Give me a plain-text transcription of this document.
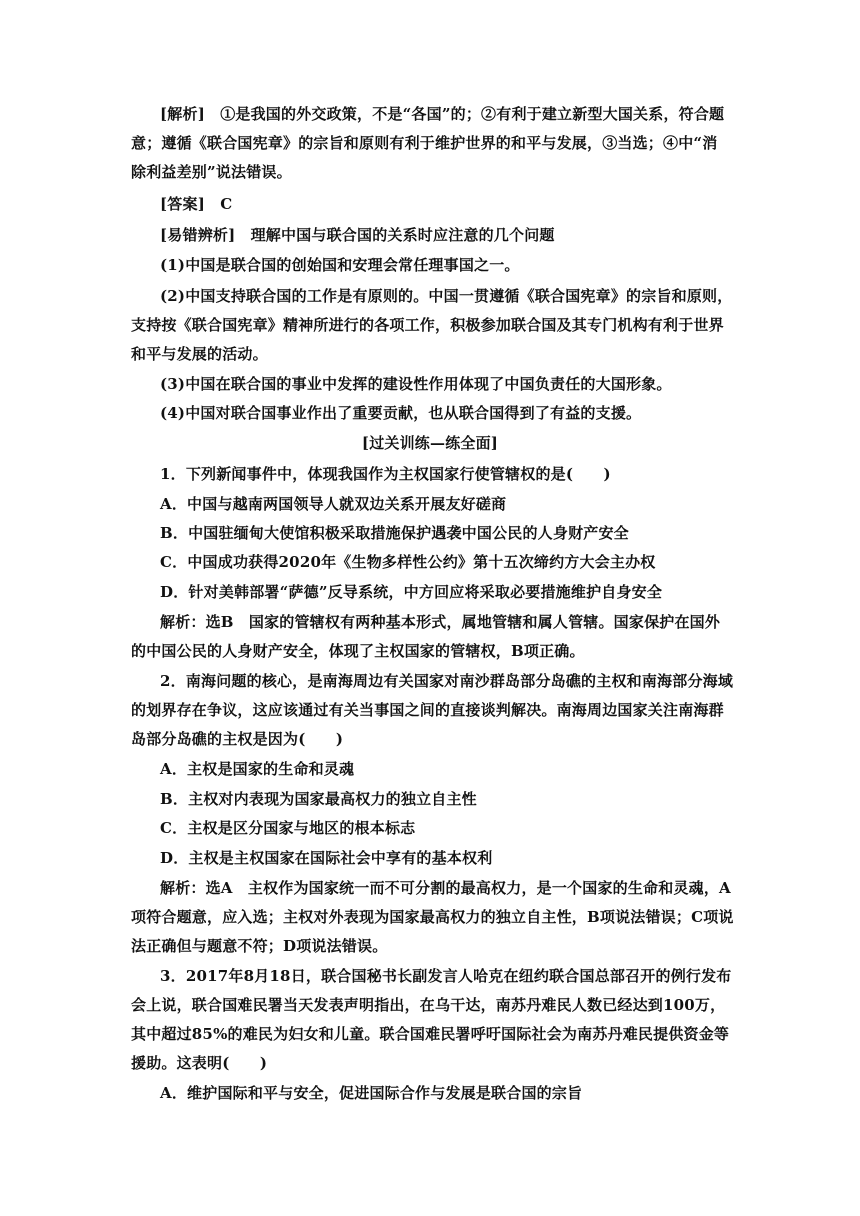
[解析]　①是我国的外交政策，不是“各国”的；②有利于建立新型大国关系，符合题
意；遵循《联合国宪章》的宗旨和原则有利于维护世界的和平与发展，③当选；④中“消
除利益差别”说法错误。
[答案]　C
[易错辨析]　理解中国与联合国的关系时应注意的几个问题
(1)中国是联合国的创始国和安理会常任理事国之一。
(2)中国支持联合国的工作是有原则的。中国一贯遵循《联合国宪章》的宗旨和原则，
支持按《联合国宪章》精神所进行的各项工作，积极参加联合国及其专门机构有利于世界
和平与发展的活动。
(3)中国在联合国的事业中发挥的建设性作用体现了中国负责任的大国形象。
(4)中国对联合国事业作出了重要贡献，也从联合国得到了有益的支援。
[过关训练—练全面]
1．下列新闻事件中，体现我国作为主权国家行使管辖权的是(　　)
A．中国与越南两国领导人就双边关系开展友好磋商
B．中国驻缅甸大使馆积极采取措施保护遇袭中国公民的人身财产安全
C．中国成功获得2020年《生物多样性公约》第十五次缔约方大会主办权
D．针对美韩部署“萨德”反导系统，中方回应将采取必要措施维护自身安全
解析：选B　国家的管辖权有两种基本形式，属地管辖和属人管辖。国家保护在国外
的中国公民的人身财产安全，体现了主权国家的管辖权，B项正确。
2．南海问题的核心，是南海周边有关国家对南沙群岛部分岛礁的主权和南海部分海域
的划界存在争议，这应该通过有关当事国之间的直接谈判解决。南海周边国家关注南海群
岛部分岛礁的主权是因为(　　)
A．主权是国家的生命和灵魂
B．主权对内表现为国家最高权力的独立自主性
C．主权是区分国家与地区的根本标志
D．主权是主权国家在国际社会中享有的基本权利
解析：选A　主权作为国家统一而不可分割的最高权力，是一个国家的生命和灵魂，A
项符合题意，应入选；主权对外表现为国家最高权力的独立自主性，B项说法错误；C项说
法正确但与题意不符；D项说法错误。
3．2017年8月18日，联合国秘书长副发言人哈克在纽约联合国总部召开的例行发布
会上说，联合国难民署当天发表声明指出，在乌干达，南苏丹难民人数已经达到100万，
其中超过85%的难民为妇女和儿童。联合国难民署呼吁国际社会为南苏丹难民提供资金等
援助。这表明(　　)
A．维护国际和平与安全，促进国际合作与发展是联合国的宗旨
